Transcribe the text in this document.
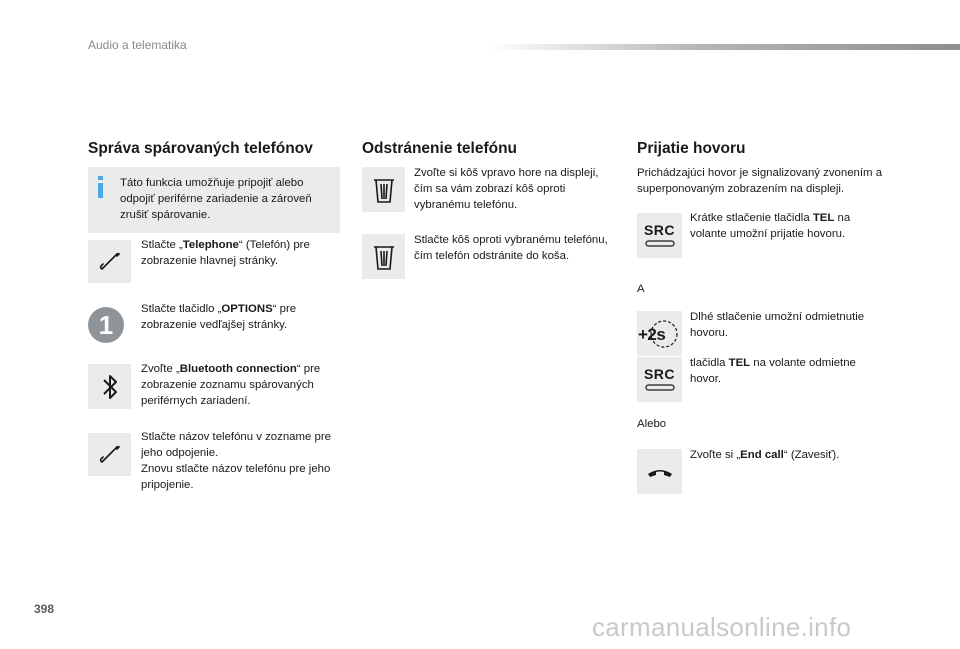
Audio a telematika
Správa spárovaných telefónov
Táto funkcia umožňuje pripojiť alebo odpojiť periférne zariadenie a zároveň zrušiť spárovanie.
Stlačte „Telephone“ (Telefón) pre zobrazenie hlavnej stránky.
1
Stlačte tlačidlo „OPTIONS“ pre zobrazenie vedľajšej stránky.
Zvoľte „Bluetooth connection“ pre zobrazenie zoznamu spárovaných periférnych zariadení.
Stlačte názov telefónu v zozname pre jeho odpojenie.
Znovu stlačte názov telefónu pre jeho pripojenie.
Odstránenie telefónu
Zvoľte si kôš vpravo hore na displeji, čím sa vám zobrazí kôš oproti vybranému telefónu.
Stlačte kôš oproti vybranému telefónu, čím telefón odstránite do koša.
Prijatie hovoru
Prichádzajúci hovor je signalizovaný zvonením a superponovaným zobrazením na displeji.
SRC
Krátke stlačenie tlačidla TEL na volante umožní prijatie hovoru.
A
+2s
Dlhé stlačenie umožní odmietnutie hovoru.
SRC
tlačidla TEL na volante odmietne hovor.
Alebo
Zvoľte si „End call“ (Zavesiť).
398
carmanualsonline.info
